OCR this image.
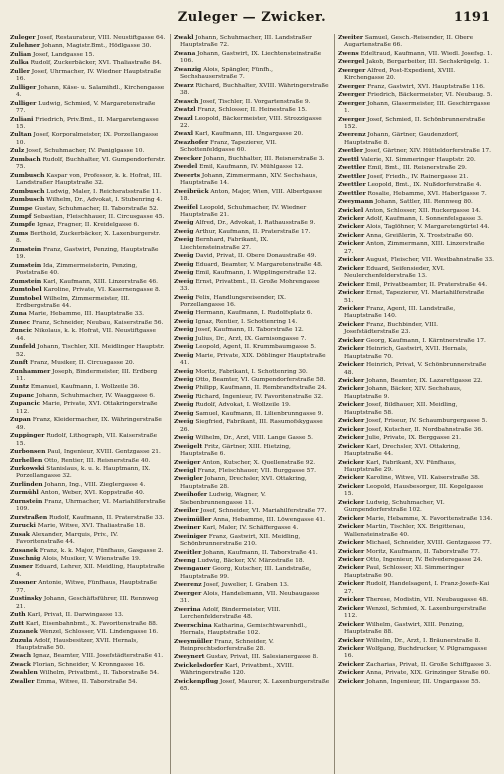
Zuleger — Zwicker.	1191

Zuleger Josef, Restaurateur, VIII. Neustiftgasse 64.

Zulehner Johann, Magistr.Bmt., Hödlgasse 30.

Zulian Josef, Landgasse 15.

Zulka Rudolf, Zuckerbäcker, XVI. Thaliastraße 84.

Zuller Josef, Uhrmacher, IV. Wiedner Hauptstraße 16.

Zulliger Johann, Käse- u. Salamihdl., Kirchengasse 4.

Zulliger Ludwig, Schmied, V. Margaretenstraße 77.

Zuliani Friedrich, Priv.Bmt., II. Margaretengasse 15.

Zultan Josef, Korporalmeister, IX. Porzellangasse 10.

Zulz Josef, Schuhmacher, IV. Paniglgasse 10.

Zumbach Rudolf, Buchhalter, VI. Gumpendorferstr. 75.

Zumbusch Kaspar von, Professor, k. k. Hofrat, III. Landstraßer Hauptstraße 32.

Zumbusch Ludwig, Maler, I. Reichsratsstraße 11.

Zumbusch Wilhelm, Dr., Advokat, I. Stubenring 4.

Zumpe Gustav, Schuhmacher, II. Taborstraße 52.

Zumpf Sebastian, Fleischhauer, II. Circusgasse 45.

Zumpfe Ignaz, Fragner, II. Kreidelgasse 6.

Zums Berthold, Zuckerbäcker, X. Laxenburgerstr. 8.

Zumstein Franz, Gastwirt, Penzing, Hauptstraße 19.

Zumstein Ida, Zimmermeisterin, Penzing, Poststraße 40.

Zumstein Karl, Kaufmann, XIII. Linzerstraße 46.

Zumtobel Karoline, Private, VI. Kasernengasse 8.

Zumtobel Wilhelm, Zimmermeister, III. Erdbergstraße 44.

Zuna Marie, Hebamme, III. Hauptstraße 33.

Zunec Franz, Schneider, Neubau, Kaiserstraße 56.

Zuncic Nikolaus, k. k. Hofrat, VII. Neustiftgasse 44.

Zunfeld Johann, Tischler, XII. Meidlinger Hauptstr. 52.

Zunft Franz, Musiker, II. Circusgasse 20.

Zunhammer Joseph, Bindermeister, III. Erdberg 11.

Zuntz Emanuel, Kaufmann, I. Wollzeile 36.

Zupanc Johann, Schuhmacher, IV. Waaggasse 6.

Zupancic Marie, Private, XVI. Ottakringerstraße 112.

Zupan Franz, Kleidermacher, IX. Währingerstraße 49.

Zuppinger Rudolf, Lithograph, VII. Kaiserstraße 15.

Zurbonsen Paul, Ingenieur, XVIII. Gentzgasse 21.

Zurhellen Otto, Rentier, III. Reisnerstraße 40.

Zurkowski Stanislaus, k. u. k. Hauptmann, IX. Porzellangasse 32.

Zurlinden Johann, Ing., VIII. Zieglergasse 4.

Zurmühl Anton, Weber, XVI. Koppstraße 40.

Zurnstein Franz, Uhrmacher, VI. Mariahilferstraße 109.

Zurstraßen Rudolf, Kaufmann, II. Praterstraße 33.

Zurucki Marie, Witwe, XVI. Thaliastraße 18.

Zusak Alexander, Marquis, Priv., IV. Favoritenstraße 44.

Zusanek Franz, k. k. Major, Fünfhaus, Gasgasse 2.

Zuschnig Alois, Musiker, V. Wienstraße 19.

Zusner Eduard, Lehrer, XII. Meidling, Hauptstraße 4.

Zussner Antonie, Witwe, Fünfhaus, Hauptstraße 77.

Zustinsky Johann, Geschäftsführer, III. Rennweg 21.

Zuth Karl, Privat, II. Darwingasse 13.

Zutt Karl, Eisenbahnbmt., X. Favoritenstraße 88.

Zuzanek Wenzel, Schlosser, VII. Lindengasse 16.

Zuzula Adolf, Hausbesitzer, XVII. Hernals, Hauptstraße 50.

Zwach Ignaz, Beamter, VIII. Josefstädterstraße 41.

Zwack Florian, Schneider, V. Kronngasse 16.

Zwahlen Wilhelm, Privatbmt., II. Taborstraße 54.

Zwaller Emma, Witwe, II. Taborstraße 54.

Zwakl Johann, Schuhmacher, III. Landstraßer Hauptstraße 72.

Zwana Johann, Gastwirt, IX. Liechtensteinstraße 106.

Zwanzig Alois, Spängler, Fünfh., Sechshauserstraße 7.

Zwarz Richard, Buchhalter, XVIII. Währingerstraße 38.

Zwasch Josef, Tischler, II. Vorgartenstraße 9.

Zwatzl Franz, Schlosser, II. Heinestraße 15.

Zwazl Leopold, Bäckermeister, VIII. Strozzigasse 22.

Zwaxl Karl, Kaufmann, III. Ungargasse 20.

Zwazhofer Franz, Tapezierer, VII. Schottenfeldgasse 60.

Zwecker Johann, Buchhalter, III. Reisnerstraße 3.

Zwedel Emil, Kaufmann, IV. Mühlgasse 12.

Zweerts Johann, Zimmermann, XIV. Sechshaus, Hauptstraße 14.

Zweibrück Anton, Major, Wien, VIII. Albertgasse 18.

Zweifel Leopold, Schuhmacher, IV. Wiedner Hauptstraße 21.

Zweig Alfred, Dr., Advokat, I. Rathausstraße 9.

Zweig Arthur, Kaufmann, II. Praterstraße 17.

Zweig Bernhard, Fabrikant, IX. Liechtensteinstraße 27.

Zweig David, Privat, II. Obere Donaustraße 49.

Zweig Eduard, Beamter, V. Margaretenstraße 48.

Zweig Emil, Kaufmann, I. Wipplingerstraße 12.

Zweig Ernst, Privatbmt., II. Große Mohrengasse 33.

Zweig Felix, Handlungsreisender, IX. Porzellangasse 16.

Zweig Hermann, Kaufmann, I. Rudolfsplatz 6.

Zweig Ignaz, Rentier, I. Schottenring 14.

Zweig Josef, Kaufmann, II. Taborstraße 12.

Zweig Julius, Dr., Arzt, IX. Garnisongasse 7.

Zweig Leopold, Agent, II. Krummbaumgasse 5.

Zweig Marie, Private, XIX. Döblinger Hauptstraße 41.

Zweig Moritz, Fabrikant, I. Schottenring 30.

Zweig Otto, Beamter, VI. Gumpendorferstraße 58.

Zweig Philipp, Kaufmann, II. Rembrandtstraße 24.

Zweig Richard, Ingenieur, IV. Favoritenstraße 32.

Zweig Rudolf, Advokat, I. Wollzeile 19.

Zweig Samuel, Kaufmann, II. Lilienbrunngasse 9.

Zweig Siegfried, Fabrikant, III. Rasumofskygasse 26.

Zweig Wilhelm, Dr., Arzt, VIII. Lange Gasse 5.

Zweigelt Fritz, Gärtner, XIII. Hietzing, Hauptstraße 6.

Zweiger Anton, Kutscher, X. Quellenstraße 92.

Zweigl Franz, Fleischhauer, VII. Burggasse 57.

Zweigler Johann, Drechsler, XVI. Ottakring, Hauptstraße 28.

Zweihofer Ludwig, Wagner, V. Siebenbrunnengasse 11.

Zweiler Josef, Schneider, VI. Mariahilferstraße 77.

Zweimüller Anna, Hebamme, III. Löwengasse 41.

Zweiner Karl, Maler, IV. Schäffergasse 4.

Zweiniger Franz, Gastwirt, XII. Meidling, Schönbrunnerstraße 210.

Zweitler Johann, Kaufmann, II. Taborstraße 41.

Zweng Ludwig, Bäcker, XV. Märzstraße 18.

Zwengauer Georg, Kutscher, III. Landstraße, Hauptstraße 99.

Zwerenz Josef, Juwelier, I. Graben 13.

Zwerger Alois, Handelsmann, VII. Neubaugasse 31.

Zwerina Adolf, Bindermeister, VIII. Lerchenfelderstraße 48.

Zwerschina Katharina, Gemischtwarenhdl., Hernals, Hauptstraße 102.

Zweymüller Franz, Schneider, V. Reinprechtsdorferstraße 28.

Zweynert Gustav, Privat, III. Salesianergasse 8.

Zwickelsdorfer Karl, Privatbmt., XVIII. Währingerstraße 120.

Zwickenpflug Josef, Maurer, X. Laxenburgerstraße 65.

Zweiter Samuel, Gesch.-Reisender, II. Obere Augartenstraße 66.

Zwens Edeltraud, Kaufmann, VII. Wiedl. Josefsg. 1.

Zwergel Jakob, Bergarbeiter, III. Sechskrügelg. 1.

Zwerger Alfred, Post-Expedient, XVIII. Kirchengasse 20.

Zwerger Franz, Gastwirt, XVI. Hauptstraße 116.

Zwerger Friedrich, Bäckermeister, VI. Neubaug. 5.

Zwerger Johann, Glasermeister, III. Geschirrgasse 1.

Zwerger Josef, Schmied, II. Schönbrunnerstraße 152.

Zwerenz Johann, Gärtner, Gaudenzdorf, Hauptstraße 8.

Zwetler Josef, Gärtner, XIV. Hütteldorferstraße 17.

Zwettl Valerie, XI. Simmeringer Hauptstr. 20.

Zwettler Emil, Bmt., III. Reisnerstraße 29.

Zwettler Josef, Friedh., IV. Rainergasse 21.

Zwettler Leopold, Bmt., IX. Nußdorferstraße 4.

Zwettler Rosalie, Hebamme, XVI. Haberlgasse 7.

Zweymann Johann, Sattler, III. Rennweg 80.

Zwickel Anton, Schlosser, XII. Ruckergasse 14.

Zwicker Adolf, Kaufmann, I. Sonnenfelsgasse 3.

Zwicker Alois, Taglöhner, V. Margaretengürtel 44.

Zwicker Anna, Greißlerin, X. Troststraße 60.

Zwicker Anton, Zimmermann, XIII. Linzerstraße 27.

Zwicker August, Fleischer, VII. Westbahnstraße 33.

Zwicker Eduard, Seifensieder, XVI. Neulerchenfelderstraße 13.

Zwicker Emil, Privatbeamter, II. Praterstraße 44.

Zwicker Ernst, Tapezierer, VI. Mariahilferstraße 51.

Zwicker Franz, Agent, III. Landstraße, Hauptstraße 140.

Zwicker Franz, Buchbinder, VIII. Josefstädterstraße 23.

Zwicker Georg, Kaufmann, I. Kärntnerstraße 17.

Zwicker Heinrich, Gastwirt, XVII. Hernals, Hauptstraße 70.

Zwicker Heinrich, Privat, V. Schönbrunnerstraße 48.

Zwicker Johann, Beamter, IX. Lazarettgasse 22.

Zwicker Johann, Bäcker, XIV. Sechshaus, Hauptstraße 9.

Zwicker Josef, Bildhauer, XII. Meidling, Hauptstraße 58.

Zwicker Josef, Friseur, IV. Schaumburgergasse 5.

Zwicker Josef, Kutscher, II. Nordbahnstraße 36.

Zwicker Julie, Private, IX. Berggasse 21.

Zwicker Karl, Drechsler, XVI. Ottakring, Hauptstraße 44.

Zwicker Karl, Fabrikant, XV. Fünfhaus, Hauptstraße 29.

Zwicker Karoline, Witwe, VII. Kaiserstraße 38.

Zwicker Leopold, Hausbesorger, III. Kegelgasse 15.

Zwicker Ludwig, Schuhmacher, VI. Gumpendorferstraße 102.

Zwicker Marie, Hebamme, X. Favoritenstraße 134.

Zwicker Martin, Tischler, XX. Brigittenau, Wallensteinstraße 40.

Zwicker Michael, Schneider, XVIII. Gentzgasse 77.

Zwicker Moritz, Kaufmann, II. Taborstraße 77.

Zwicker Otto, Ingenieur, IV. Belvederegasse 24.

Zwicker Paul, Schlosser, XI. Simmeringer Hauptstraße 90.

Zwicker Rudolf, Handelsagent, I. Franz-Josefs-Kai 27.

Zwicker Therese, Modistin, VII. Neubaugasse 48.

Zwicker Wenzel, Schmied, X. Laxenburgerstraße 112.

Zwicker Wilhelm, Gastwirt, XIII. Penzing, Hauptstraße 88.

Zwicker Wilhelm, Dr., Arzt, I. Bräunerstraße 8.

Zwicker Wolfgang, Buchdrucker, V. Pilgramgasse 16.

Zwicker Zacharias, Privat, II. Große Schiffgasse 3.

Zwicker Anna, Private, XIX. Grinzinger Straße 60.

Zwicker Johann, Ingenieur, III. Ungargasse 55.
